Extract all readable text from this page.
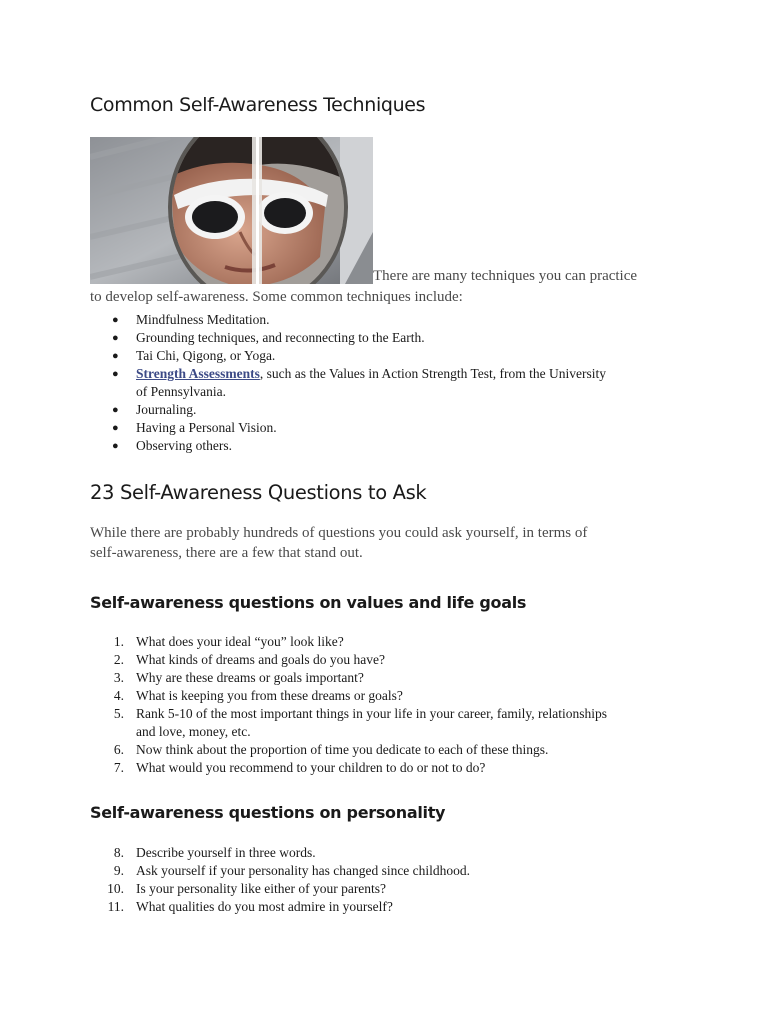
Common Self-Awareness Techniques

There are many techniques you can practice

to develop self-awareness. Some common techniques include:

● Mindfulness Meditation.
● Grounding techniques, and reconnecting to the Earth.
● Tai Chi, Qigong, or Yoga.
● Strength Assessments, such as the Values in Action Strength Test, from the University
of Pennsylvania.
● Journaling.
● Having a Personal Vision.
● Observing others.
23 Self-Awareness Questions to Ask

While there are probably hundreds of questions you could ask yourself, in terms of

self-awareness, there are a few that stand out.

Self-awareness questions on values and life goals
1. What does your ideal “you” look like?
2. What kinds of dreams and goals do you have?
3. Why are these dreams or goals important?
4. What is keeping you from these dreams or goals?
5. Rank 5-10 of the most important things in your life in your career, family, relationships
and love, money, etc.
6. Now think about the proportion of time you dedicate to each of these things.
7. What would you recommend to your children to do or not to do?
Self-awareness questions on personality
8. Describe yourself in three words.
9. Ask yourself if your personality has changed since childhood.
10. Is your personality like either of your parents?
11. What qualities do you most admire in yourself?
